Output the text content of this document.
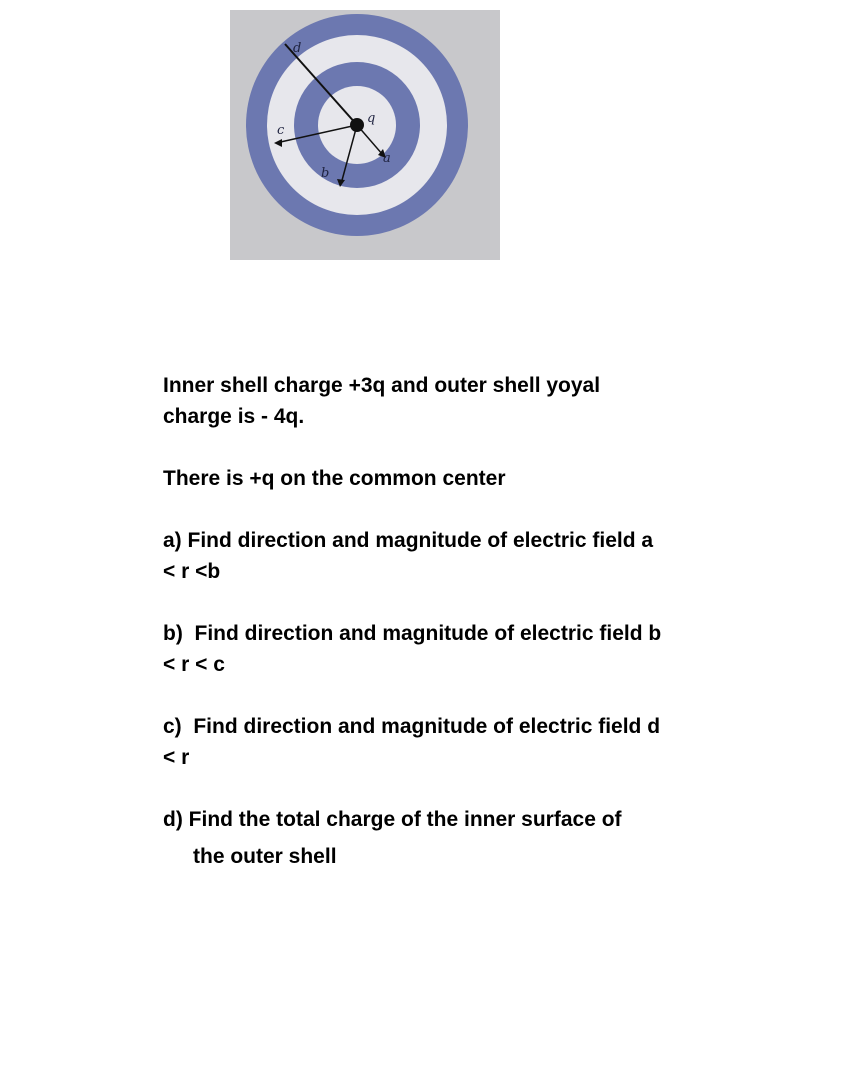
d
c
b
q
a

Inner shell charge +3q and outer shell yoyal
charge is - 4q.

There is +q on the common center

a) Find direction and magnitude of electric field a
< r <b

b)  Find direction and magnitude of electric field b
< r < c

c)  Find direction and magnitude of electric field d
< r

d) Find the total charge of the inner surface of

the outer shell
